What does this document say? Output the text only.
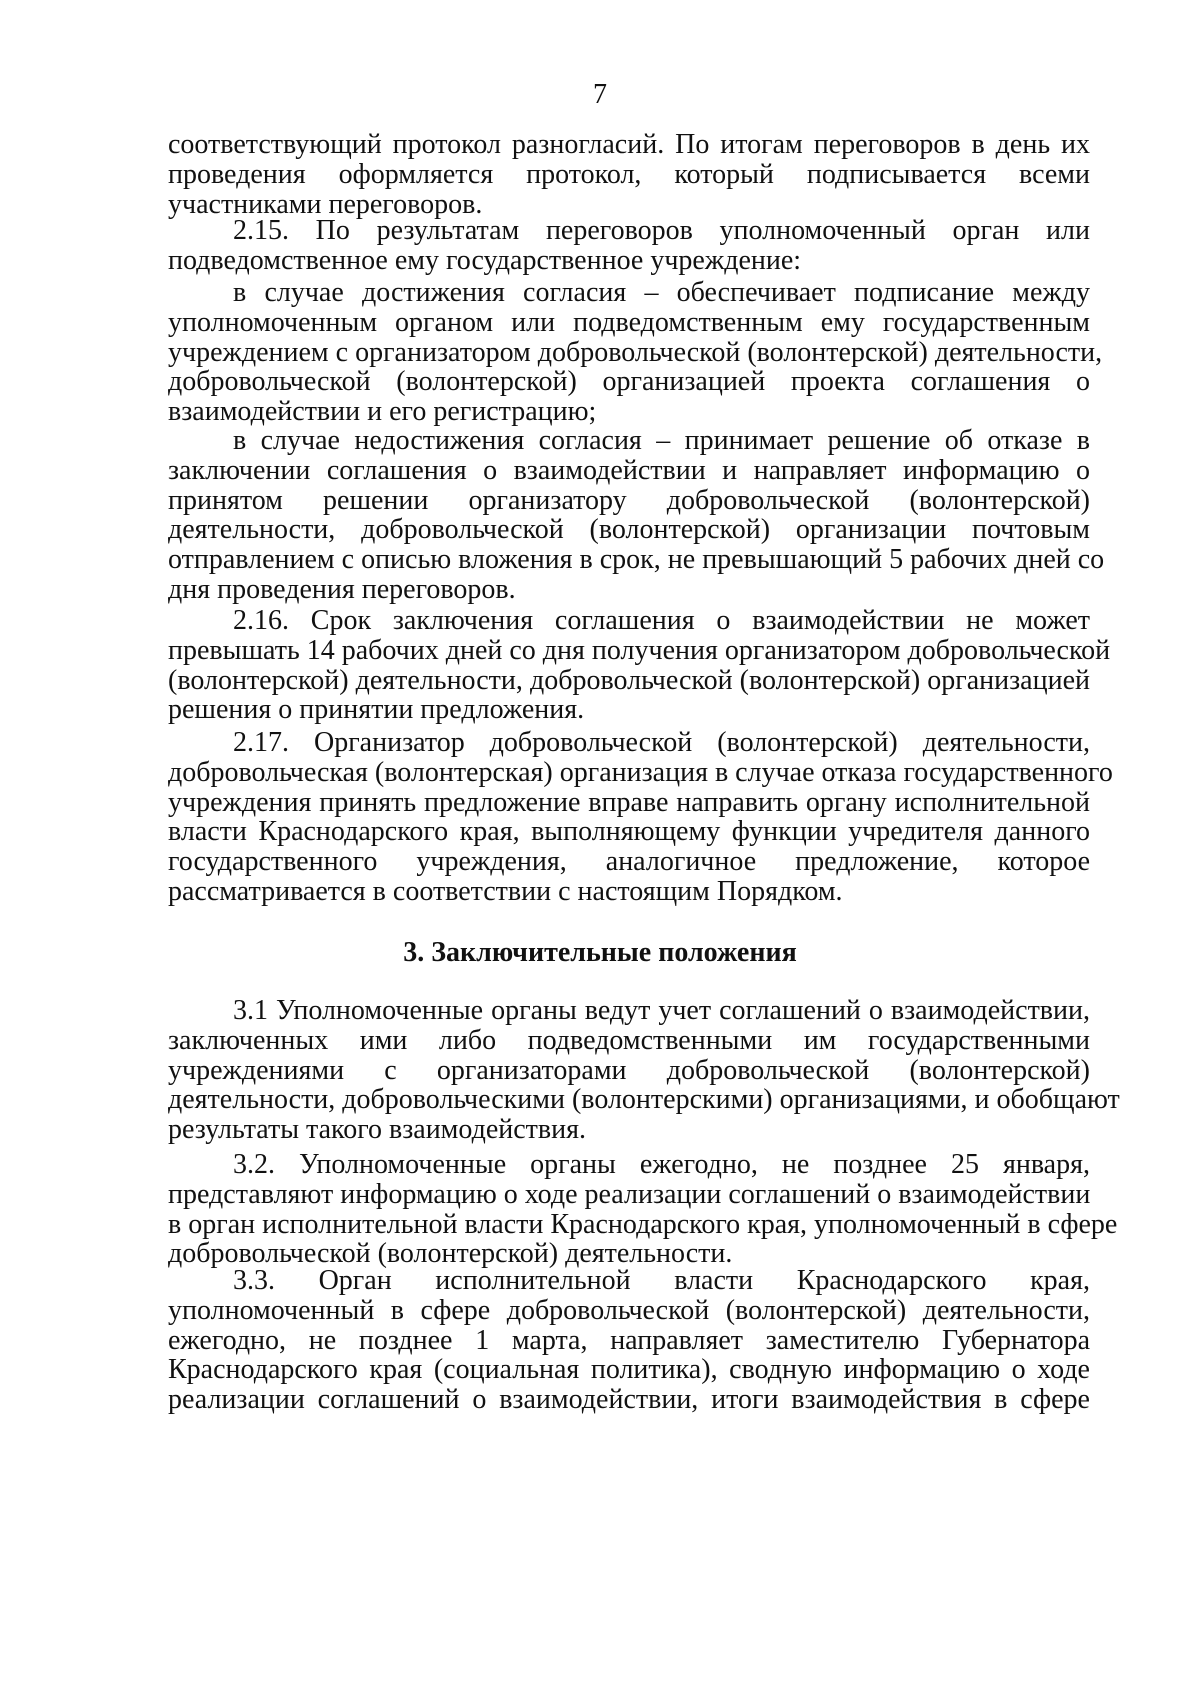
7
соответствующий протокол разногласий. По итогам переговоров в день их
проведения оформляется протокол, который подписывается всеми
участниками переговоров.
2.15. По результатам переговоров уполномоченный орган или
подведомственное ему государственное учреждение:
в случае достижения согласия – обеспечивает подписание между
уполномоченным органом или подведомственным ему государственным
учреждением с организатором добровольческой (волонтерской) деятельности,
добровольческой (волонтерской) организацией проекта соглашения о
взаимодействии и его регистрацию;
в случае недостижения согласия – принимает решение об отказе в
заключении соглашения о взаимодействии и направляет информацию о
принятом решении организатору добровольческой (волонтерской)
деятельности, добровольческой (волонтерской) организации почтовым
отправлением с описью вложения в срок, не превышающий 5 рабочих дней со
дня проведения переговоров.
2.16. Срок заключения соглашения о взаимодействии не может
превышать 14 рабочих дней со дня получения организатором добровольческой
(волонтерской) деятельности, добровольческой (волонтерской) организацией
решения о принятии предложения.
2.17. Организатор добровольческой (волонтерской) деятельности,
добровольческая (волонтерская) организация в случае отказа государственного
учреждения принять предложение вправе направить органу исполнительной
власти Краснодарского края, выполняющему функции учредителя данного
государственного учреждения, аналогичное предложение, которое
рассматривается в соответствии с настоящим Порядком.
3.1 Уполномоченные органы ведут учет соглашений о взаимодействии,
заключенных ими либо подведомственными им государственными
учреждениями с организаторами добровольческой (волонтерской)
деятельности, добровольческими (волонтерскими) организациями, и обобщают
результаты такого взаимодействия.
3.2. Уполномоченные органы ежегодно, не позднее 25 января,
представляют информацию о ходе реализации соглашений о взаимодействии
в орган исполнительной власти Краснодарского края, уполномоченный в сфере
добровольческой (волонтерской) деятельности.
3.3. Орган исполнительной власти Краснодарского края,
уполномоченный в сфере добровольческой (волонтерской) деятельности,
ежегодно, не позднее 1 марта, направляет заместителю Губернатора
Краснодарского края (социальная политика), сводную информацию о ходе
реализации соглашений о взаимодействии, итоги взаимодействия в сфере
3. Заключительные положения
